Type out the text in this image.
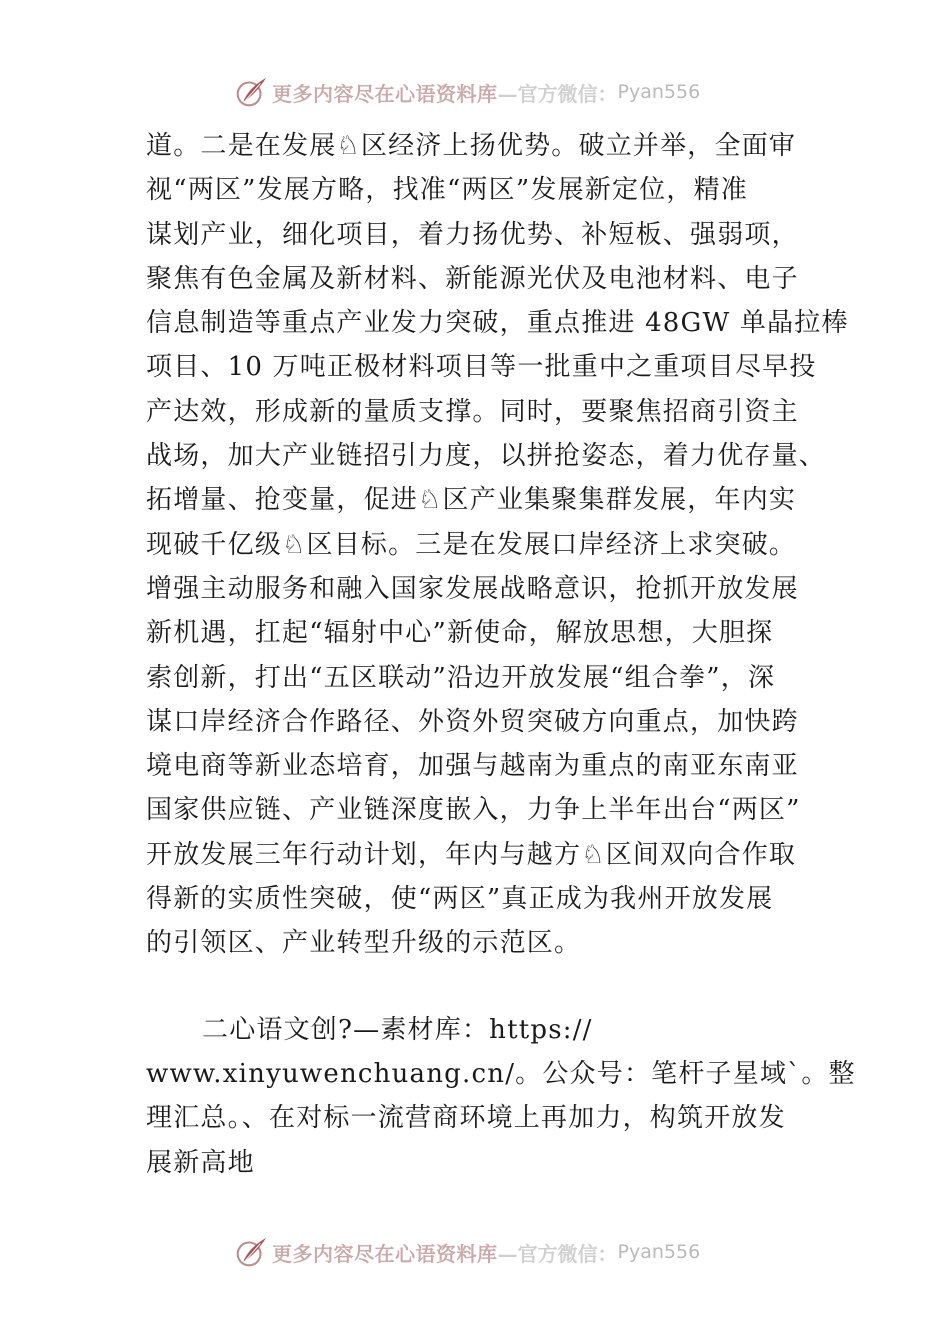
更多内容尽在心语资料库 —官方微信： Pyan556
道。二是在发展♘区经济上扬优势。破立并举，全面审
视“两区”发展方略，找准“两区”发展新定位，精准
谋划产业，细化项目，着力扬优势、补短板、强弱项，
聚焦有色金属及新材料、新能源光伏及电池材料、电子
信息制造等重点产业发力突破，重点推进 48GW 单晶拉棒
项目、10 万吨正极材料项目等一批重中之重项目尽早投
产达效，形成新的量质支撑。同时，要聚焦招商引资主
战场，加大产业链招引力度，以拼抢姿态，着力优存量、
拓增量、抢变量，促进♘区产业集聚集群发展，年内实
现破千亿级♘区目标。三是在发展口岸经济上求突破。
增强主动服务和融入国家发展战略意识，抢抓开放发展
新机遇，扛起“辐射中心”新使命，解放思想，大胆探
索创新，打出“五区联动”沿边开放发展“组合拳”，深
谋口岸经济合作路径、外资外贸突破方向重点，加快跨
境电商等新业态培育，加强与越南为重点的南亚东南亚
国家供应链、产业链深度嵌入，力争上半年出台“两区”
开放发展三年行动计划，年内与越方♘区间双向合作取
得新的实质性突破，使“两区”真正成为我州开放发展
的引领区、产业转型升级的示范区。
二心语文创?—素材库：https://
www.xinyuwenchuang.cn/。公众号：笔杆子星域`。整
理汇总。、在对标一流营商环境上再加力，构筑开放发
展新高地
更多内容尽在心语资料库 —官方微信： Pyan556
